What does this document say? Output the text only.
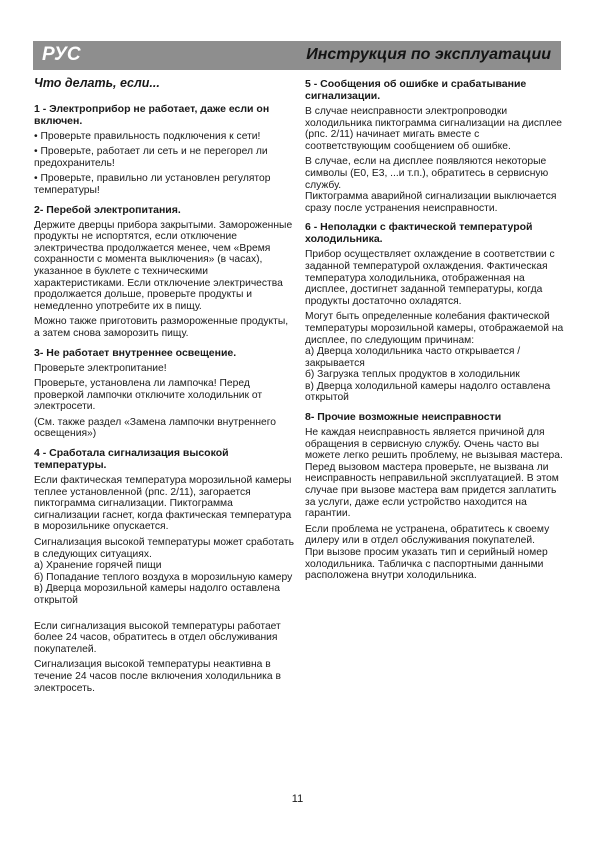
РУС	Инструкция по эксплуатации
Что делать, если...
1 - Электроприбор не работает, даже если он включен.

• Проверьте правильность подключения к сети!

• Проверьте, работает ли сеть и не перегорел ли предохранитель!

• Проверьте, правильно ли установлен регулятор температуры!

2- Перебой электропитания.

Держите дверцы прибора закрытыми. Замороженные продукты не испортятся, если отключение электричества продолжается менее, чем «Время сохранности с момента выключения» (в часах), указанное в буклете с техническими характеристиками. Если отключение электричества продолжается дольше, проверьте продукты и немедленно употребите их в пищу.

Можно также приготовить размороженные продукты, а затем снова заморозить пищу.

3- Не работает внутреннее освещение.

Проверьте электропитание!

Проверьте, установлена ли лампочка! Перед проверкой лампочки отключите холодильник от электросети.

(См. также раздел «Замена лампочки внутреннего освещения»)

4 - Сработала сигнализация высокой температуры.

Если фактическая температура морозильной камеры теплее установленной (рпс. 2/11), загорается пиктограмма сигнализации. Пиктограмма сигнализации гаснет, когда фактическая температура в морозильнике опускается.

Сигнализация высокой температуры может сработать в следующих ситуациях.

а) Хранение горячей пищи

б) Попадание теплого воздуха в морозильную камеру

в) Дверца морозильной камеры надолго оставлена открытой

Если сигнализация высокой температуры работает более 24 часов, обратитесь в отдел обслуживания покупателей.

Сигнализация высокой температуры неактивна в течение 24 часов после включения холодильника в электросеть.

5 - Сообщения об ошибке и срабатывание сигнализации.

В случае неисправности электропроводки холодильника пиктограмма сигнализации на дисплее (рпс. 2/11) начинает мигать вместе с соответствующим сообщением об ошибке.

В случае, если на дисплее появляются некоторые символы (E0, E3, ...и т.п.), обратитесь в сервисную службу.

Пиктограмма аварийной сигнализации выключается сразу после устранения неисправности.

6 - Неполадки с фактической температурой холодильника.

Прибор осуществляет охлаждение в соответствии с заданной температурой охлаждения. Фактическая температура холодильника, отображенная на дисплее, достигнет заданной температуры, когда продукты достаточно охладятся.

Могут быть определенные колебания фактической температуры морозильной камеры, отображаемой на дисплее, по следующим причинам:

а) Дверца холодильника часто открывается / закрывается

б) Загрузка теплых продуктов в холодильник

в) Дверца холодильной камеры надолго оставлена открытой

8- Прочие возможные неисправности

Не каждая неисправность является причиной для обращения в сервисную службу. Очень часто вы можете легко решить проблему, не вызывая мастера.

Перед вызовом мастера проверьте, не вызвана ли неисправность неправильной эксплуатацией. В этом случае при вызове мастера вам придется заплатить за услуги, даже если устройство находится на гарантии.

Если проблема не устранена, обратитесь к своему дилеру или в отдел обслуживания покупателей.

При вызове просим указать тип и серийный номер холодильника. Табличка с паспортными данными расположена внутри холодильника.

11
